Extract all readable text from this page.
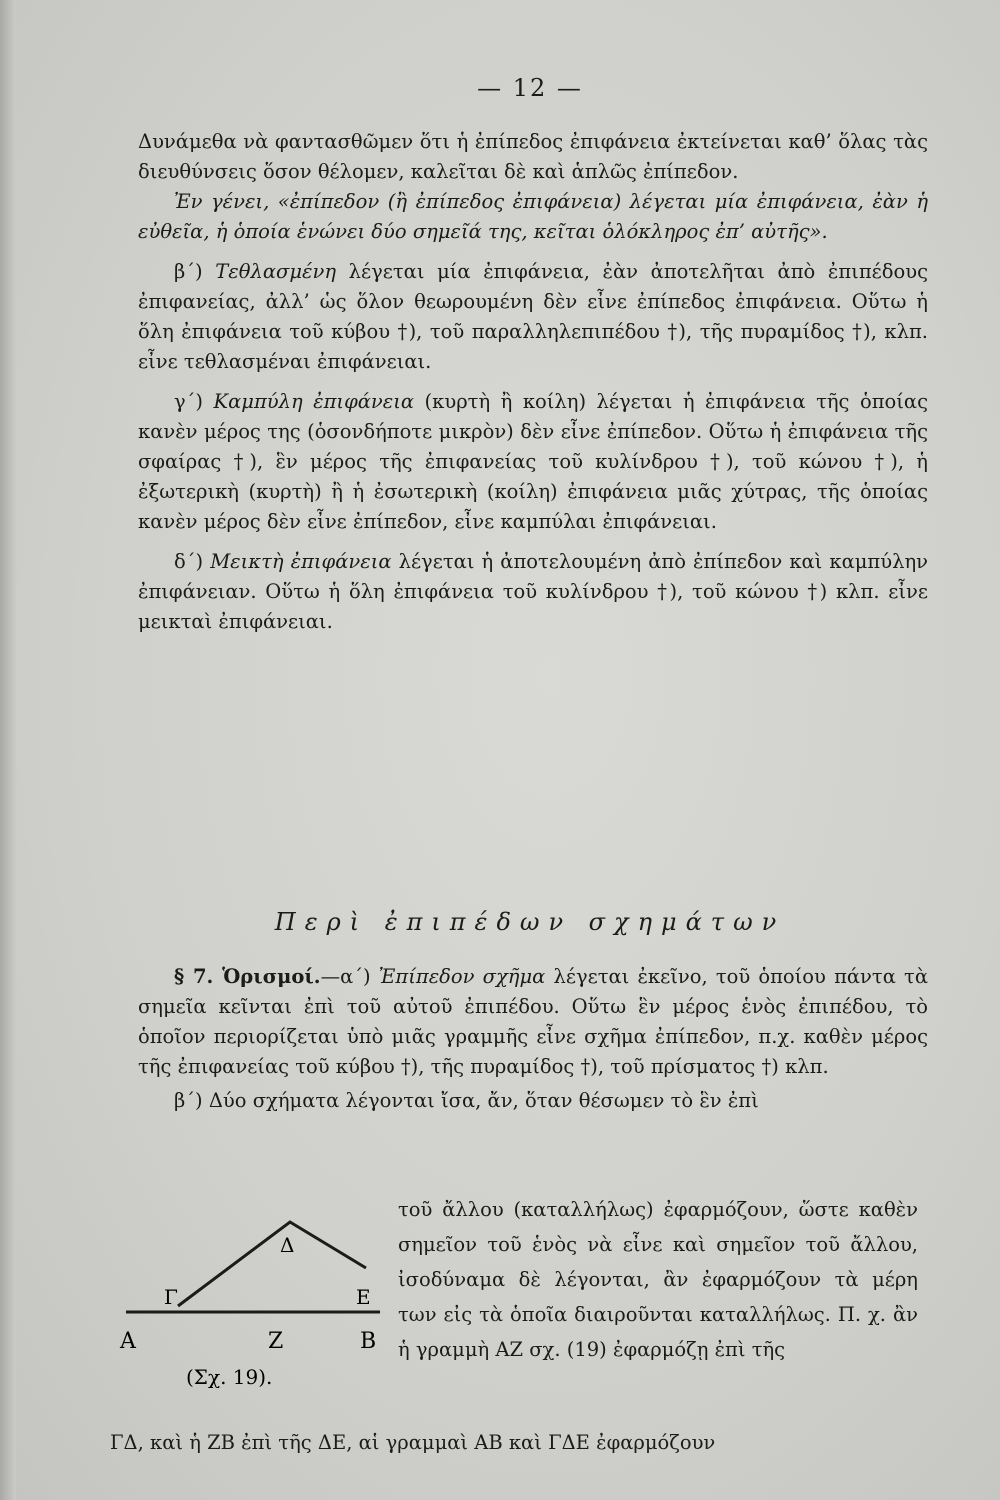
— 12 —

Δυνάμεθα νὰ φαντασθῶμεν ὅτι ἡ ἐπίπεδος ἐπιφάνεια ἐκτείνεται καθ’ ὅλας τὰς διευθύνσεις ὅσον θέλομεν, καλεῖται δὲ καὶ ἁπλῶς ἐπίπεδον.

Ἐν γένει, «ἐπίπεδον (ἢ ἐπίπεδος ἐπιφάνεια) λέγεται μία ἐπιφάνεια, ἐὰν ἡ εὐθεῖα, ἡ ὁποία ἑνώνει δύο σημεῖά της, κεῖται ὁλόκληρος ἐπ’ αὐτῆς».

β΄) Τεθλασμένη λέγεται μία ἐπιφάνεια, ἐὰν ἀποτελῆται ἀπὸ ἐπιπέδους ἐπιφανείας, ἀλλ’ ὡς ὅλον θεωρουμένη δὲν εἶνε ἐπίπεδος ἐπιφάνεια. Οὕτω ἡ ὅλη ἐπιφάνεια τοῦ κύβου †), τοῦ παραλληλεπιπέδου †), τῆς πυραμίδος †), κλπ. εἶνε τεθλασμέναι ἐπιφάνειαι.

γ΄) Καμπύλη ἐπιφάνεια (κυρτὴ ἢ κοίλη) λέγεται ἡ ἐπιφάνεια τῆς ὁποίας κανὲν μέρος της (ὁσονδήποτε μικρὸν) δὲν εἶνε ἐπίπεδον. Οὕτω ἡ ἐπιφάνεια τῆς σφαίρας †), ἓν μέρος τῆς ἐπιφανείας τοῦ κυλίνδρου †), τοῦ κώνου †), ἡ ἐξωτερικὴ (κυρτὴ) ἢ ἡ ἐσωτερικὴ (κοίλη) ἐπιφάνεια μιᾶς χύτρας, τῆς ὁποίας κανὲν μέρος δὲν εἶνε ἐπίπεδον, εἶνε καμπύλαι ἐπιφάνειαι.

δ΄) Μεικτὴ ἐπιφάνεια λέγεται ἡ ἀποτελουμένη ἀπὸ ἐπίπεδον καὶ καμπύλην ἐπιφάνειαν. Οὕτω ἡ ὅλη ἐπιφάνεια τοῦ κυλίνδρου †), τοῦ κώνου †) κλπ. εἶνε μεικταὶ ἐπιφάνειαι.

Περὶ ἐπιπέδων σχημάτων

§ 7. Ὁρισμοί.—α΄) Ἐπίπεδον σχῆμα λέγεται ἐκεῖνο, τοῦ ὁποίου πάντα τὰ σημεῖα κεῖνται ἐπὶ τοῦ αὐτοῦ ἐπιπέδου. Οὕτω ἓν μέρος ἑνὸς ἐπιπέδου, τὸ ὁποῖον περιορίζεται ὑπὸ μιᾶς γραμμῆς εἶνε σχῆμα ἐπίπεδον, π.χ. καθὲν μέρος τῆς ἐπιφανείας τοῦ κύβου †), τῆς πυραμίδος †), τοῦ πρίσματος †) κλπ.

β΄) Δύο σχήματα λέγονται ἴσα, ἄν, ὅταν θέσωμεν τὸ ἓν ἐπὶ

Δ
Ε
Γ
A	Z	B
(Σχ. 19).

τοῦ ἄλλου (καταλλήλως) ἐφαρμόζουν, ὥστε καθὲν σημεῖον τοῦ ἑνὸς νὰ εἶνε καὶ σημεῖον τοῦ ἄλλου, ἰσοδύναμα δὲ λέγονται, ἂν ἐφαρμόζουν τὰ μέρη των εἰς τὰ ὁποῖα διαιροῦνται καταλλήλως. Π. χ. ἂν ἡ γραμμὴ ΑΖ σχ. (19) ἐφαρμόζῃ ἐπὶ τῆς

ΓΔ, καὶ ἡ ΖΒ ἐπὶ τῆς ΔΕ, αἱ γραμμαὶ ΑΒ καὶ ΓΔΕ ἐφαρμόζουν
